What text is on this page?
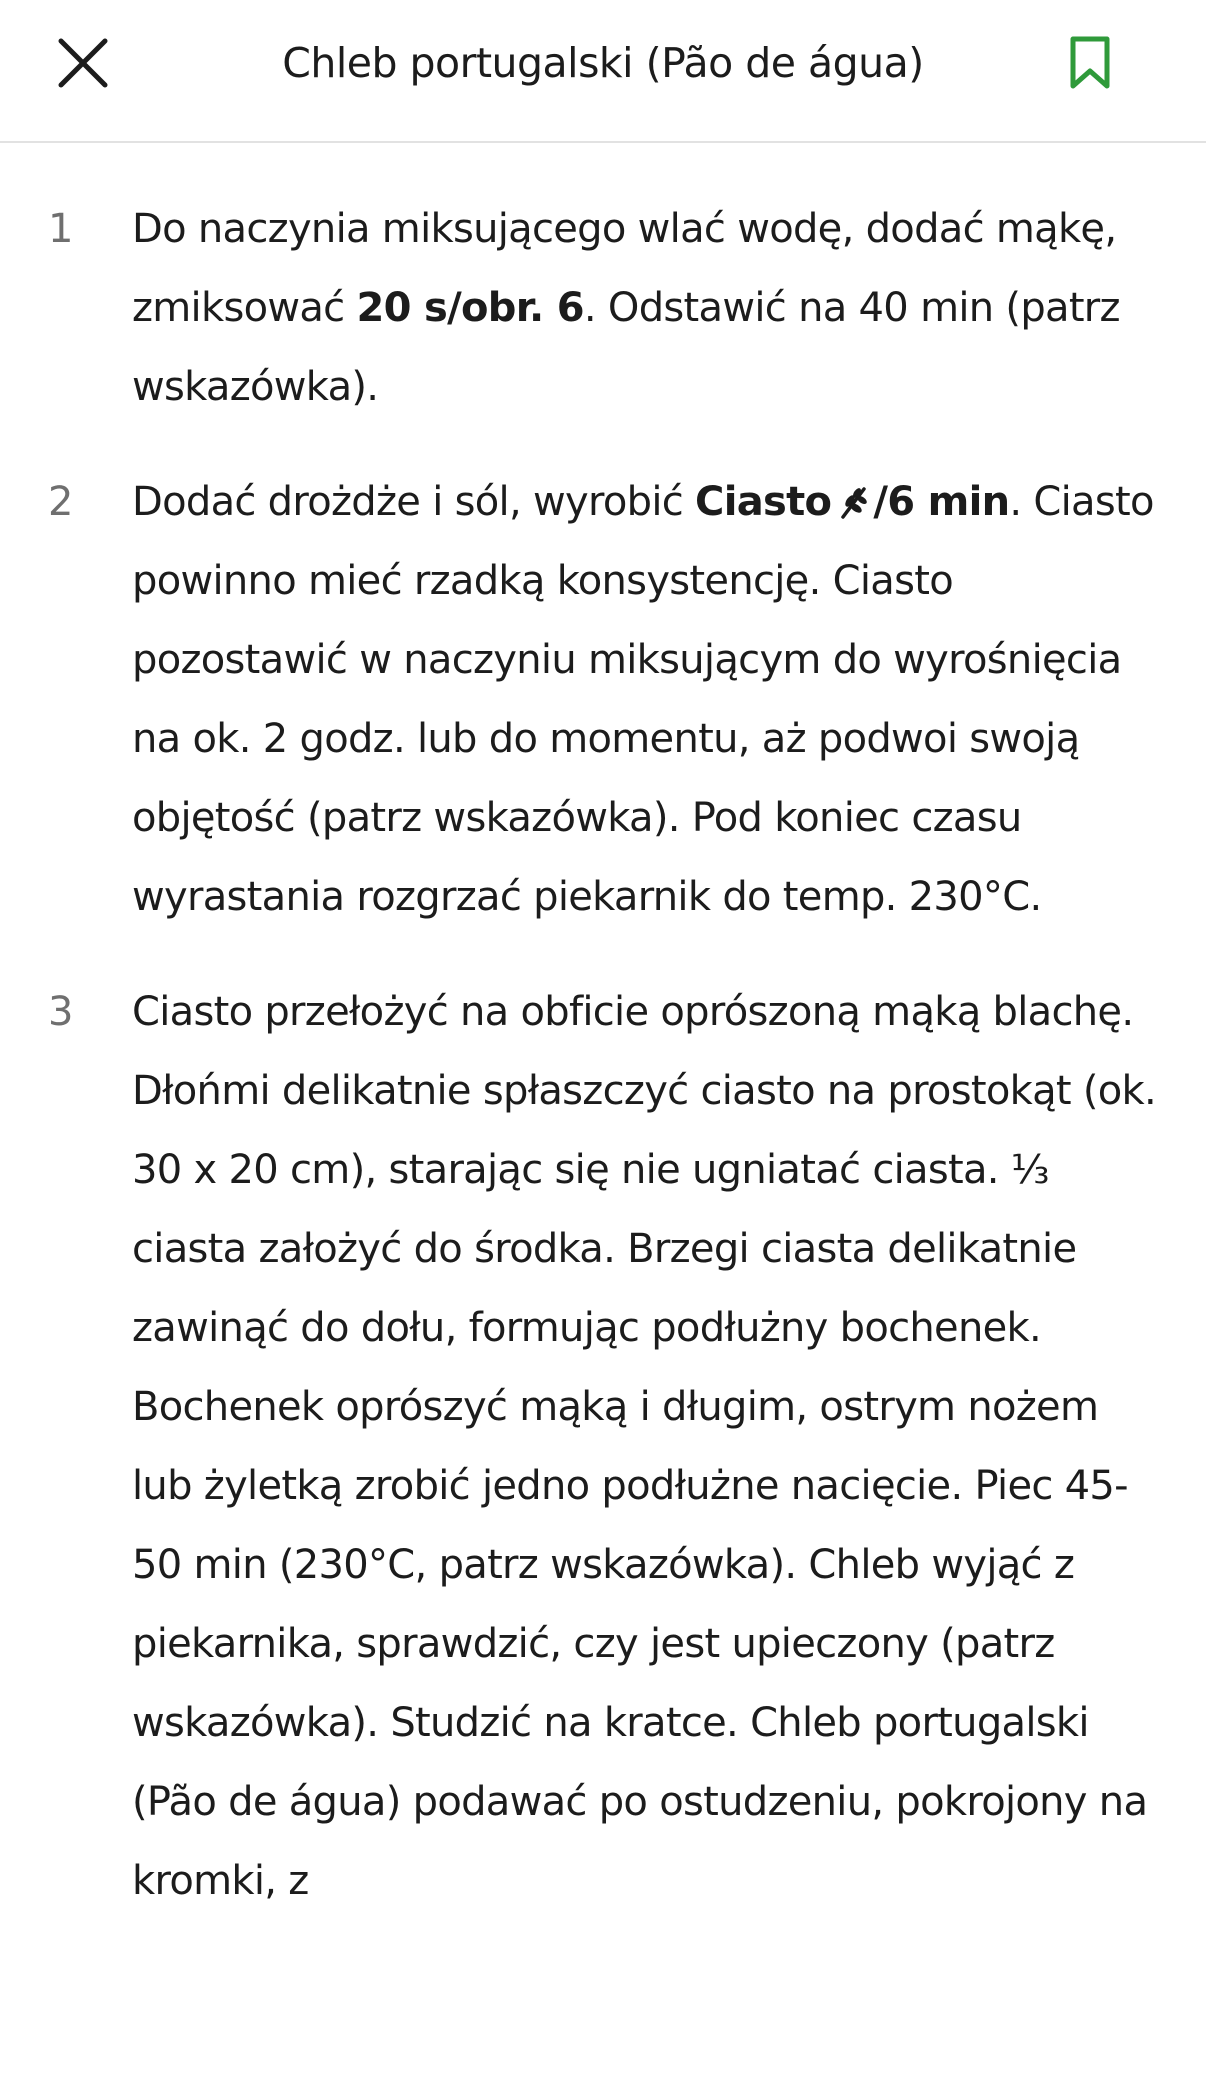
Chleb portugalski (Pão de água)
1 Do naczynia miksującego wlać wodę, dodać mąkę, zmiksować 20 s/obr. 6. Odstawić na 40 min (patrz wskazówka).
2 Dodać drożdże i sól, wyrobić Ciasto /6 min. Ciasto powinno mieć rzadką konsystencję. Ciasto pozostawić w naczyniu miksującym do wyrośnięcia na ok. 2 godz. lub do momentu, aż podwoi swoją objętość (patrz wskazówka). Pod koniec czasu wyrastania rozgrzać piekarnik do temp. 230°C.
3 Ciasto przełożyć na obficie oprószoną mąką blachę. Dłońmi delikatnie spłaszczyć ciasto na prostokąt (ok. 30 x 20 cm), starając się nie ugniatać ciasta. ⅓ ciasta założyć do środka. Brzegi ciasta delikatnie zawinąć do dołu, formując podłużny bochenek. Bochenek oprószyć mąką i długim, ostrym nożem lub żyletką zrobić jedno podłużne nacięcie. Piec 45-50 min (230°C, patrz wskazówka). Chleb wyjąć z piekarnika, sprawdzić, czy jest upieczony (patrz wskazówka). Studzić na kratce. Chleb portugalski (Pão de água) podawać po ostudzeniu, pokrojony na kromki, z
